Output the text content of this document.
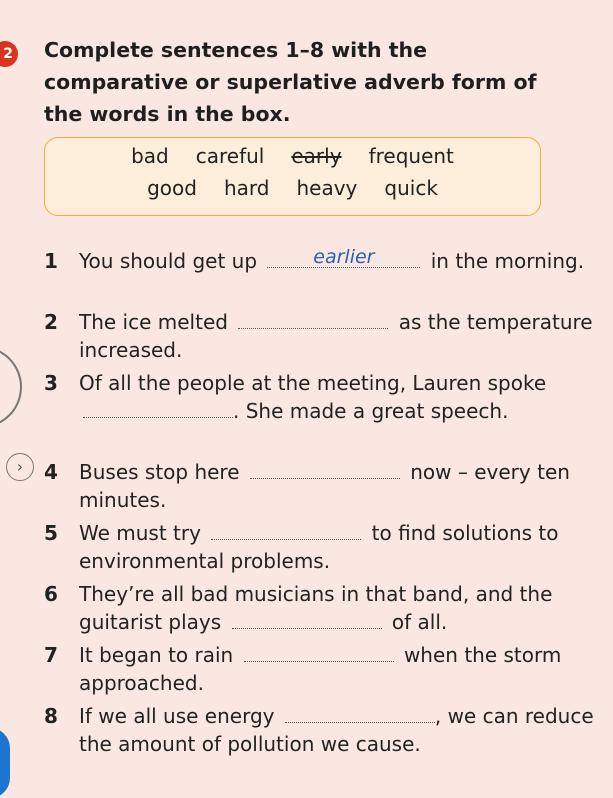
2 Complete sentences 1–8 with the comparative or superlative adverb form of the words in the box.
bad careful early frequent
good hard heavy quick
1	You should get up	earlier	in the morning.
2	The ice melted	as the temperature increased.
3	Of all the people at the meeting, Lauren spoke . She made a great speech.
4	Buses stop here	now – every ten minutes.
5	We must try	to find solutions to environmental problems.
6	They’re all bad musicians in that band, and the guitarist plays	of all.
7	It began to rain	when the storm approached.
8	If we all use energy	, we can reduce the amount of pollution we cause.
›
